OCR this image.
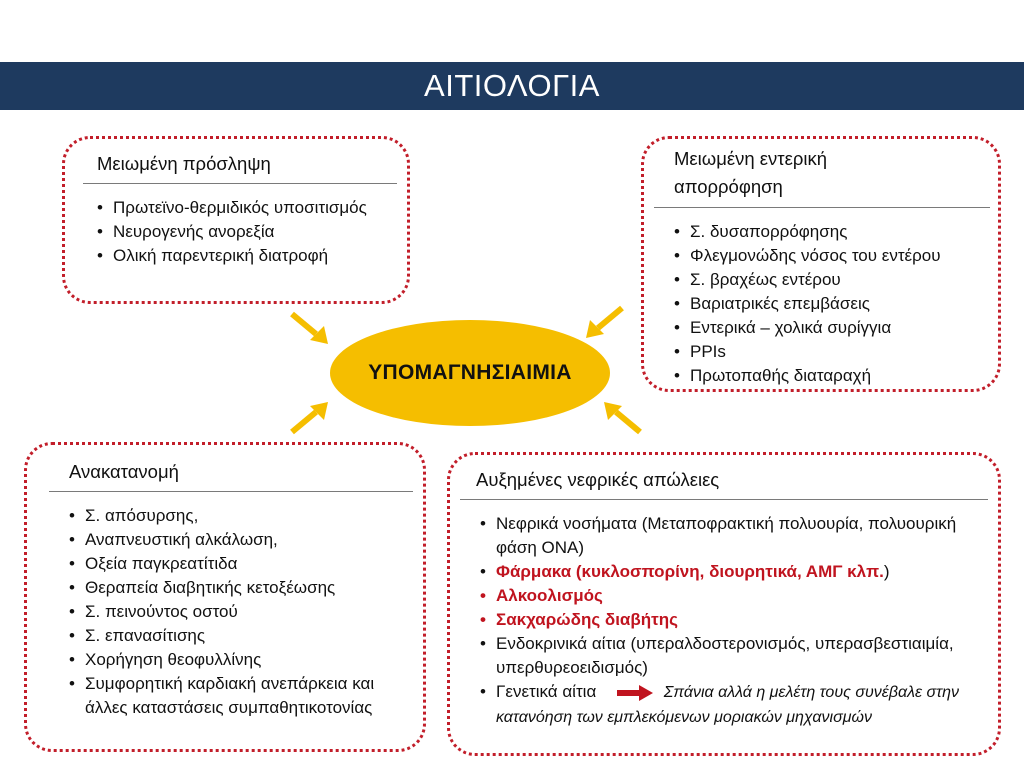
ΑΙΤΙΟΛΟΓΙΑ
Μειωμένη πρόσληψη
• Πρωτεϊνο-θερμιδικός υποσιτισμός
• Νευρογενής ανορεξία
• Ολική παρεντερική διατροφή
Μειωμένη εντερική απορρόφηση
• Σ. δυσαπορρόφησης
• Φλεγμονώδης νόσος του εντέρου
• Σ. βραχέως εντέρου
• Βαριατρικές επεμβάσεις
• Εντερικά – χολικά συρίγγια
• PPIs
• Πρωτοπαθής διαταραχή
Ανακατανομή
• Σ. απόσυρσης,
• Αναπνευστική αλκάλωση,
• Οξεία παγκρεατίτιδα
• Θεραπεία διαβητικής κετοξέωσης
• Σ. πεινούντος οστού
• Σ. επανασίτισης
• Χορήγηση θεοφυλλίνης
• Συμφορητική καρδιακή ανεπάρκεια και άλλες καταστάσεις συμπαθητικοτονίας
Αυξημένες νεφρικές απώλειες
• Νεφρικά νοσήματα (Μεταποφρακτική πολυουρία, πολυουρική φάση ΟΝΑ)
• Φάρμακα (κυκλοσπορίνη, διουρητικά, ΑΜΓ κλπ.)
• Αλκοολισμός
• Σακχαρώδης διαβήτης
• Ενδοκρινικά αίτια (υπεραλδοστερονισμός, υπερασβεστιαιμία, υπερθυρεοειδισμός)
• Γενετικά αίτια	Σπάνια αλλά η μελέτη τους συνέβαλε στην κατανόηση των εμπλεκόμενων μοριακών μηχανισμών
ΥΠΟΜΑΓΝΗΣΙΑΙΜΙΑ
